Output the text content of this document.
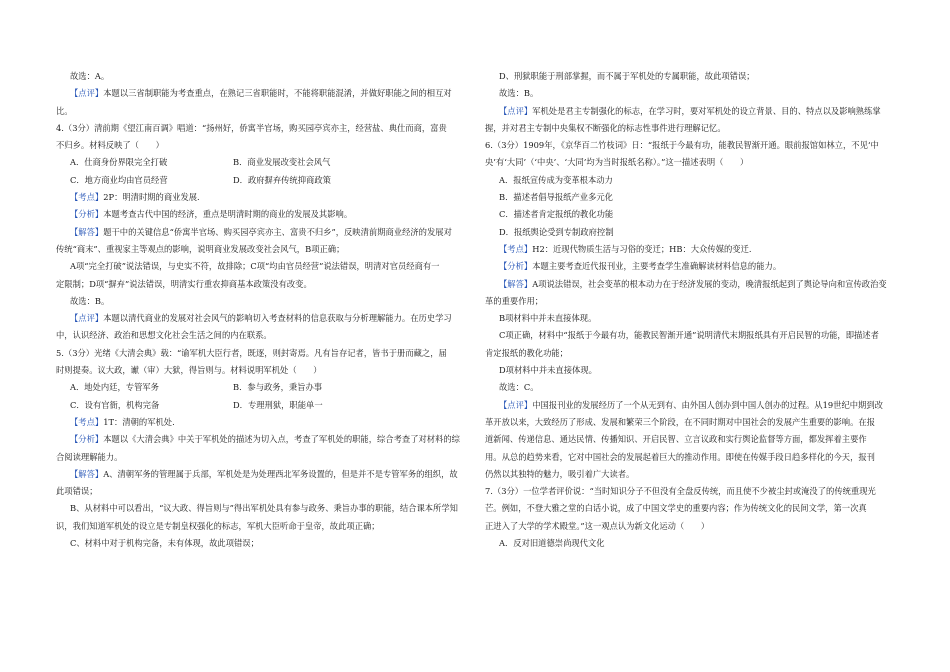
故选：A。

【点评】本题以三省制职能为考查重点，在熟记三省职能时，不能将职能混淆，并做好职能之间的相互对

比。

4.（3分）清前期《望江南百调》唱道：“扬州好，侨寓半官场，购买园亭宾亦主，经营盐、典仕而商，富贵

不归乡。材料反映了（　　）

A．仕商身份界限完全打破	B．商业发展改变社会风气
C．地方商业均由官员经营	D．政府摒弃传统抑商政策

【考点】2P：明清时期的商业发展.

【分析】本题考查古代中国的经济，重点是明清时期的商业的发展及其影响。

【解答】题干中的关键信息“侨寓半官场、购买园亭宾亦主、富贵不归乡”，反映清前期商业经济的发展对

传统“商末”、重视家主等观点的影响，说明商业发展改变社会风气，B项正确；

A项“完全打破”说法错误，与史实不符，故排除；C项“均由官员经营”说法错误，明清对官员经商有一

定限制；D项“摒弃”说法错误，明清实行重农抑商基本政策没有改变。

故选：B。

【点评】本题以清代商业的发展对社会风气的影响切入考查材料的信息获取与分析理解能力。在历史学习

中，认识经济、政治和思想文化社会生活之间的内在联系。

5.（3分）光绪《大清会典》载：“谕军机大臣行者，既逐，则封寄焉。凡有旨存记者，皆书于册而藏之，届

时则提奏。议大政，谳（审）大狱，得旨则与。材料说明军机处（　　）

A．地处内廷，专管军务	B．参与政务，秉旨办事
C．设有官衙，机构完备	D．专理刑狱，职能单一

【考点】1T：清朝的军机处.

【分析】本题以《大清会典》中关于军机处的描述为切入点，考查了军机处的职能，综合考查了对材料的综

合阅读理解能力。

【解答】A、清朝军务的管理属于兵部，军机处是为处理西北军务设置的，但是并不是专管军务的组织，故

此项错误；

B、从材料中可以看出，“议大政、得旨则与”得出军机处具有参与政务、秉旨办事的职能，结合课本所学知

识，我们知道军机处的设立是专制皇权强化的标志，军机大臣听命于皇帝，故此项正确；

C、材料中对于机构完备，未有体现，故此项错误；

D、刑狱职能于刑部掌握，而不属于军机处的专属职能，故此项错误；

故选：B。

【点评】军机处是君主专制强化的标志，在学习时，要对军机处的设立背景、目的、特点以及影响熟练掌

握，并对君主专制中央集权不断强化的标志性事件进行理解记忆。

6.（3分）1909年，《京华百二竹枝词》日：“报纸于今最有功，能教民智渐开通。眼前报馆如林立，不见‘中

央’有‘大同’（‘中央’、‘大同’均为当时报纸名称）。”这一描述表明（　　）

A．报纸宣传成为变革根本动力

B．描述者倡导报纸产业多元化

C．描述者肯定报纸的教化功能

D．报纸舆论受到专制政府控制

【考点】H2：近现代物质生活与习俗的变迁；HB：大众传媒的变迁.

【分析】本题主要考查近代报刊业，主要考查学生准确解读材料信息的能力。

【解答】A项说法错误，社会变革的根本动力在于经济发展的变动，晚清报纸起到了舆论导向和宣传政治变

革的重要作用；

B项材料中并未直接体现。

C项正确，材料中“报纸于今最有功，能教民智渐开通”说明清代末期报纸具有开启民智的功能，即描述者

肯定报纸的教化功能；

D项材料中并未直接体现。

故选：C。

【点评】中国报刊业的发展经历了一个从无到有、由外国人创办到中国人创办的过程。从19世纪中期到改

革开放以来，大致经历了形成、发展和繁荣三个阶段，在不同时期对中国社会的发展产生重要的影响。在报

道新闻、传递信息、通达民情、传播知识、开启民智、立言议政和实行舆论监督等方面，都发挥着主要作

用。从总的趋势来看，它对中国社会的发展起着巨大的推动作用。即使在传媒手段日趋多样化的今天，报刊

仍然以其独特的魅力，吸引着广大读者。

7.（3分）一位学者评价说：“当时知识分子不但没有全盘反传统，而且使不少被尘封或淹没了的传统重现光

芒。例如，不登大雅之堂的白话小说，成了中国文学史的重要内容；作为传统文化的民间文学，第一次真

正进入了大学的学术殿堂。”这一观点认为新文化运动（　　）

A．反对旧道德崇尚现代文化
